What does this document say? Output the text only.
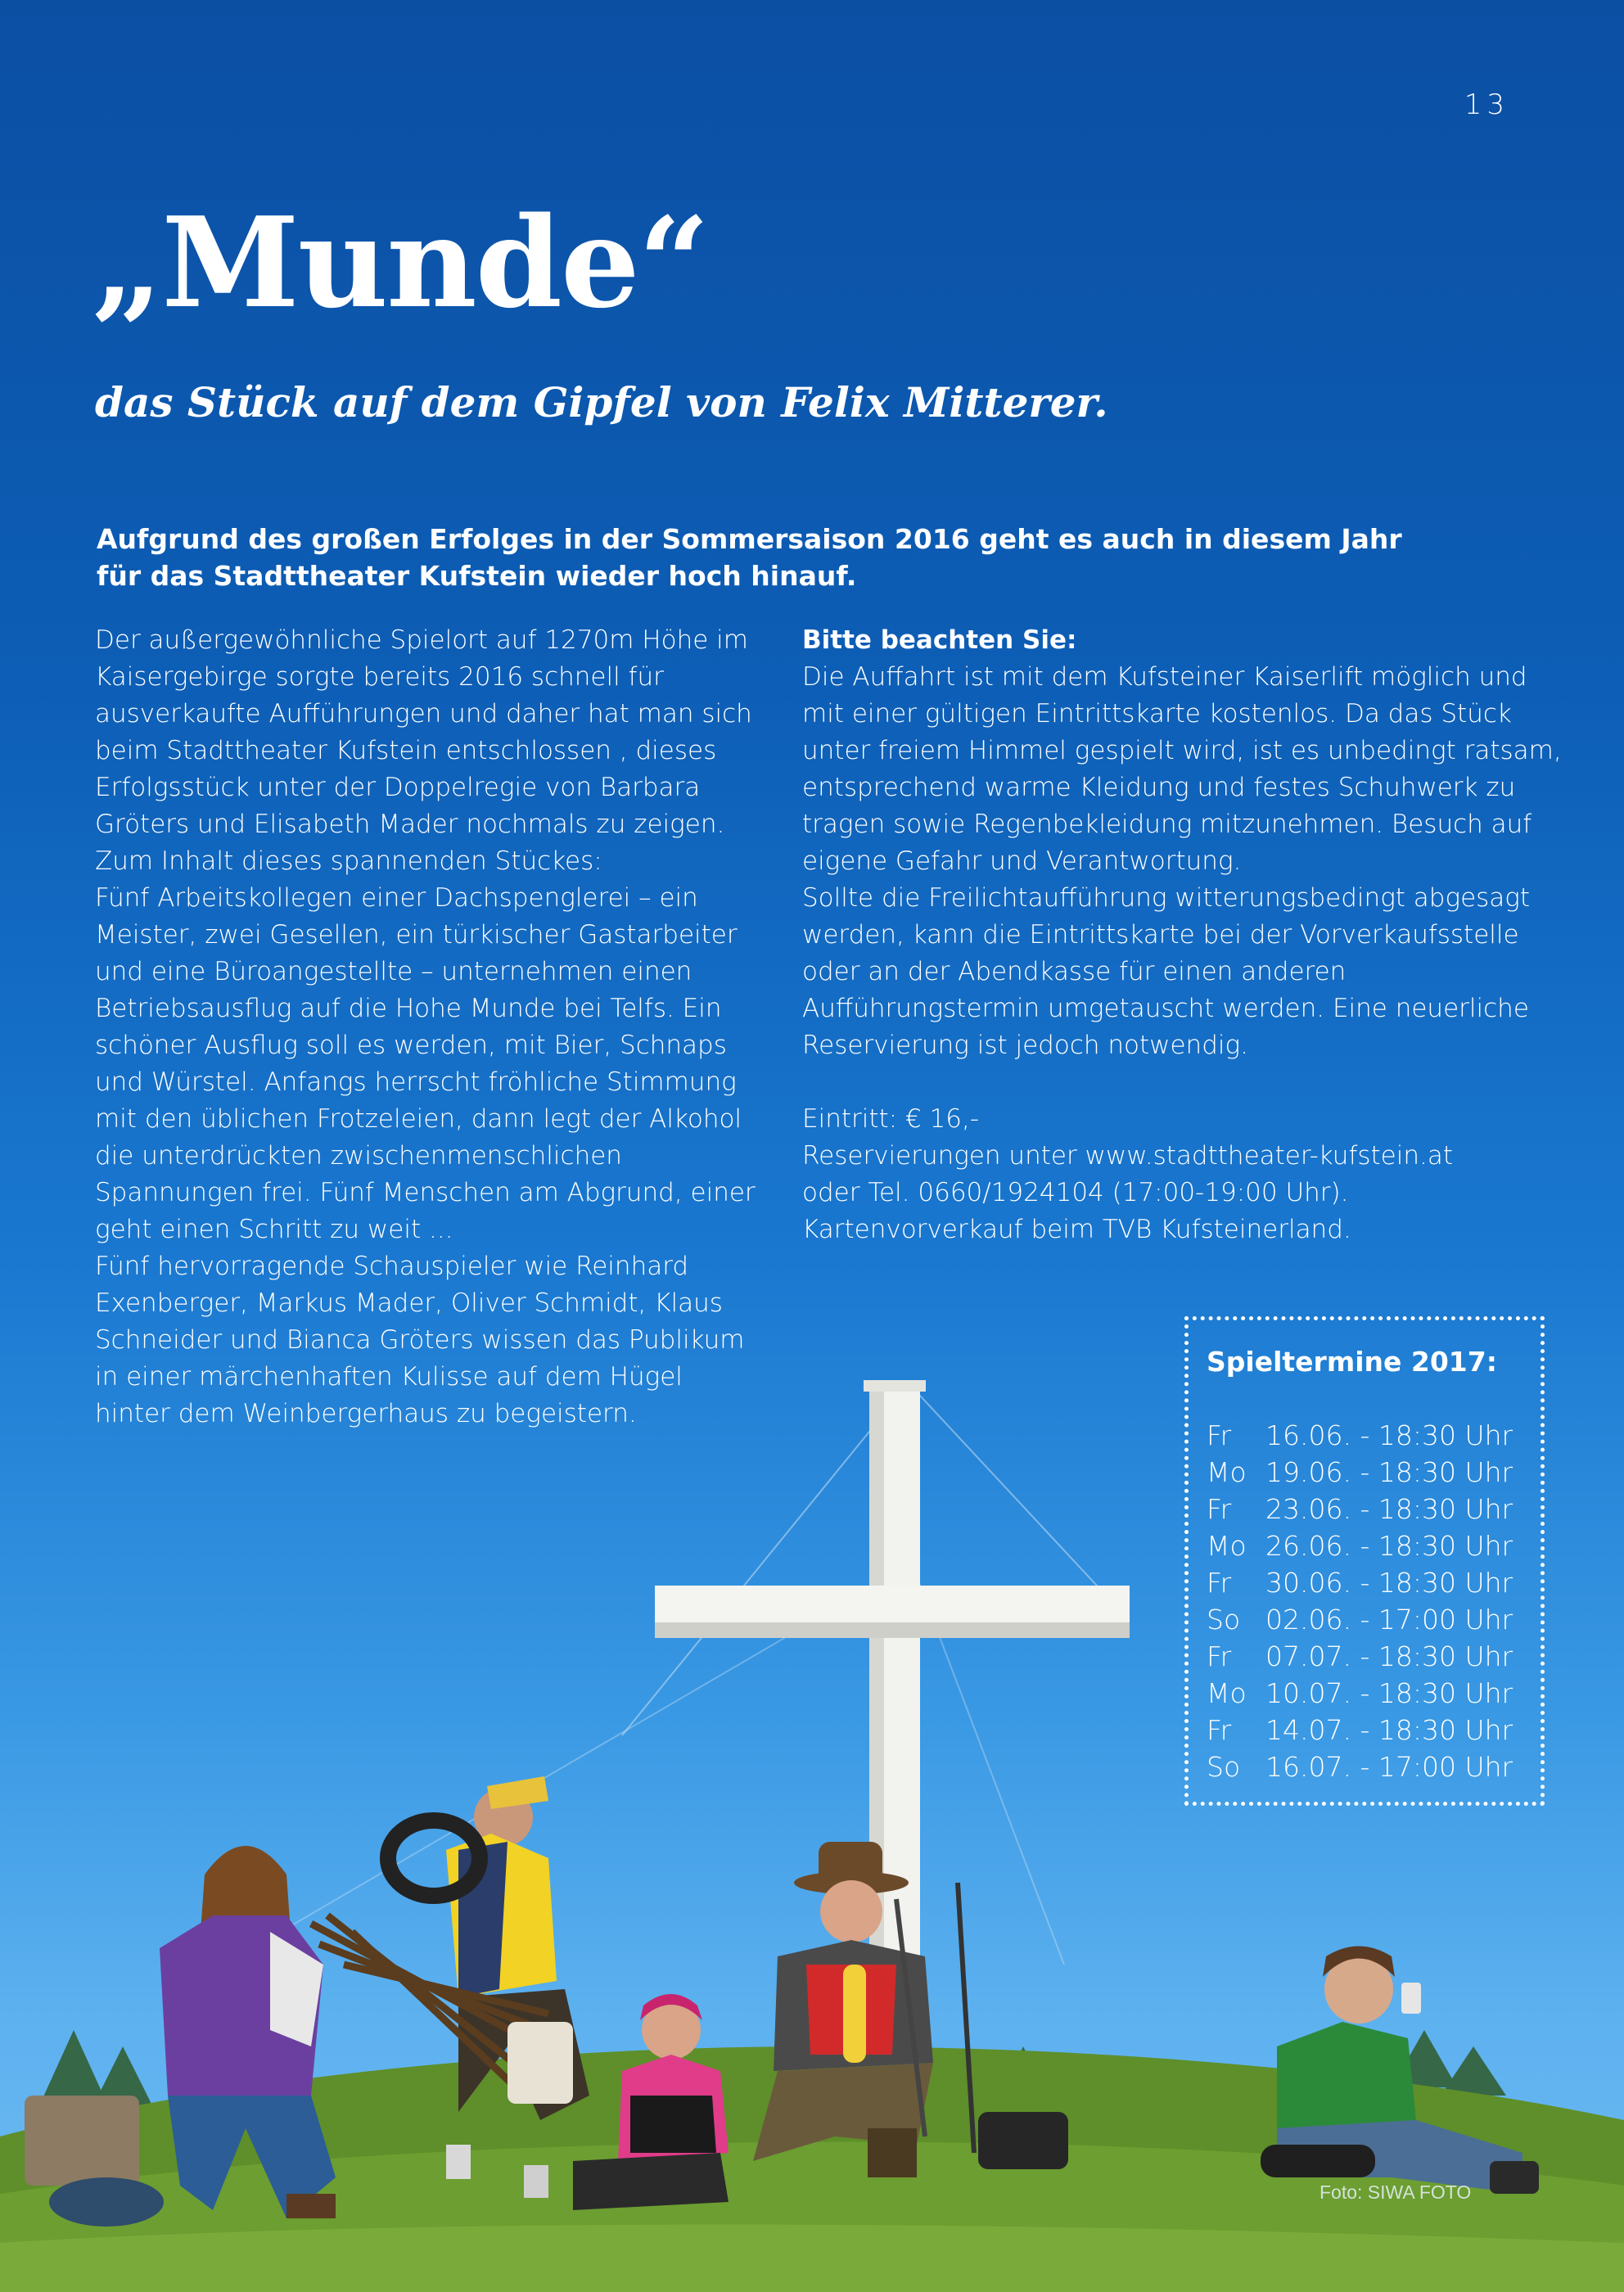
13
„Munde“
das Stück auf dem Gipfel von Felix Mitterer.

Aufgrund des großen Erfolges in der Sommersaison 2016 geht es auch in diesem Jahr für das Stadttheater Kufstein wieder hoch hinauf.

Der außergewöhnliche Spielort auf 1270m Höhe im Kaisergebirge sorgte bereits 2016 schnell für ausverkaufte Aufführungen und daher hat man sich beim Stadttheater Kufstein entschlossen , dieses Erfolgsstück unter der Doppelregie von Barbara Gröters und Elisabeth Mader nochmals zu zeigen.

Zum Inhalt dieses spannenden Stückes:

Fünf Arbeitskollegen einer Dachspenglerei – ein Meister, zwei Gesellen, ein türkischer Gastarbeiter und eine Büroangestellte – unternehmen einen Betriebsausflug auf die Hohe Munde bei Telfs. Ein schöner Ausflug soll es werden, mit Bier, Schnaps und Würstel. Anfangs herrscht fröhliche Stimmung mit den üblichen Frotzeleien, dann legt der Alkohol die unterdrückten zwischenmenschlichen Spannungen frei. Fünf Menschen am Abgrund, einer geht einen Schritt zu weit ...

Fünf hervorragende Schauspieler wie Reinhard Exenberger, Markus Mader, Oliver Schmidt, Klaus Schneider und Bianca Gröters wissen das Publikum in einer märchenhaften Kulisse auf dem Hügel hinter dem Weinbergerhaus zu begeistern.

Bitte beachten Sie:

Die Auffahrt ist mit dem Kufsteiner Kaiserlift möglich und mit einer gültigen Eintrittskarte kostenlos. Da das Stück unter freiem Himmel gespielt wird, ist es unbedingt ratsam, entsprechend warme Kleidung und festes Schuhwerk zu tragen sowie Regenbekleidung mitzunehmen. Besuch auf eigene Gefahr und Verantwortung.

Sollte die Freilichtaufführung witterungsbedingt abgesagt werden, kann die Eintrittskarte bei der Vorverkaufsstelle oder an der Abendkasse für einen anderen Aufführungstermin umgetauscht werden. Eine neuerliche Reservierung ist jedoch notwendig.

Eintritt: € 16,-

Reservierungen unter www.stadttheater-kufstein.at

oder Tel. 0660/1924104 (17:00-19:00 Uhr).

Kartenvorverkauf beim TVB Kufsteinerland.

Spieltermine 2017:
Fr	16.06. - 18:30 Uhr
Mo 19.06. - 18:30 Uhr
Fr	23.06. - 18:30 Uhr
Mo 26.06. - 18:30 Uhr
Fr	30.06. - 18:30 Uhr
So 02.06. - 17:00 Uhr
Fr	07.07. - 18:30 Uhr
Mo 10.07. - 18:30 Uhr
Fr	14.07. - 18:30 Uhr
So 16.07. - 17:00 Uhr
Foto: SIWA FOTO
